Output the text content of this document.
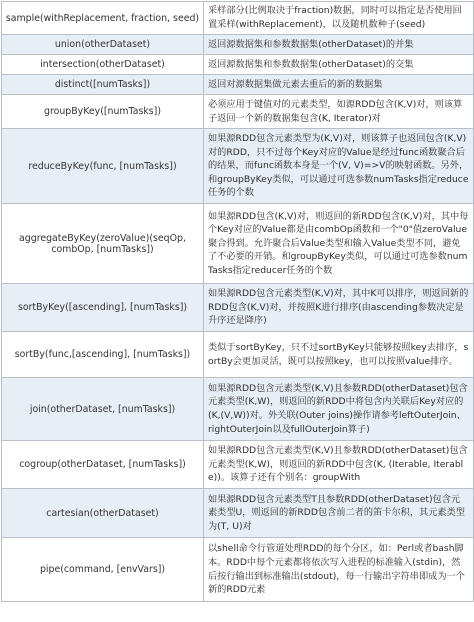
sample(withReplacement, fraction, seed)	采样部分(比例取决于fraction)数据，同时可以指定是否使用回置采样(withReplacement)，以及随机数种子(seed)
union(otherDataset)	返回源数据集和参数数据集(otherDataset)的并集
intersection(otherDataset)	返回源数据集和参数数据集(otherDataset)的交集
distinct([numTasks])	返回对源数据集做元素去重后的新的数据集
groupByKey([numTasks])	必须应用于键值对的元素类型，如源RDD包含(K,V)对，则该算子返回一个新的数据集包含(K, Iterator)对
reduceByKey(func, [numTasks])	如果源RDD包含元素类型为(K,V)对，则该算子也返回包含(K,V)对的RDD，只不过每个Key对应的Value是经过func函数聚合后的结果，而func函数本身是一个(V, V)=>V的映射函数。另外，和groupByKey类似，可以通过可选参数numTasks指定reduce任务的个数
aggregateByKey(zeroValue)(seqOp, combOp, [numTasks])	如果源RDD包含(K,V)对，则返回的新RDD包含(K,V)对，其中每个Key对应的Value都是由combOp函数和一个"0"值zeroValue聚合得到。允许聚合后Value类型和输入Value类型不同，避免了不必要的开销。和groupByKey类似，可以通过可选参数numTasks指定reducer任务的个数
sortByKey([ascending], [numTasks])	如果源RDD包含元素类型(K,V)对，其中K可以排序，则返回新的RDD包含(K,V)对，并按照K进行排序(由ascending参数决定是升序还是降序)
sortBy(func,[ascending], [numTasks])	类似于sortByKey，只不过sortByKey只能够按照key去排序，sortBy会更加灵活，既可以按照key，也可以按照value排序。
join(otherDataset, [numTasks])	如果源RDD包含元素类型(K,V)且参数RDD(otherDataset)包含元素类型(K,W)，则返回的新RDD中将包含内关联后Key对应的(K,(V,W))对。外关联(Outer joins)操作请参考leftOuterJoin、rightOuterJoin以及fullOuterJoin算子)
cogroup(otherDataset, [numTasks])	如果源RDD包含元素类型(K,V)且参数RDD(otherDataset)包含元素类型(K,W)，则返回的新RDD中包含(K, (Iterable, Iterable))。该算子还有个别名：groupWith
cartesian(otherDataset)	如果源RDD包含元素类型T且参数RDD(otherDataset)包含元素类型U，则返回的新RDD包含前二者的笛卡尔积，其元素类型为(T, U)对
pipe(command, [envVars])	以shell命令行管道处理RDD的每个分区，如：Perl或者bash脚本。RDD中每个元素都将依次写入进程的标准输入(stdin)，然后按行输出到标准输出(stdout)，每一行输出字符串即成为一个新的RDD元素
